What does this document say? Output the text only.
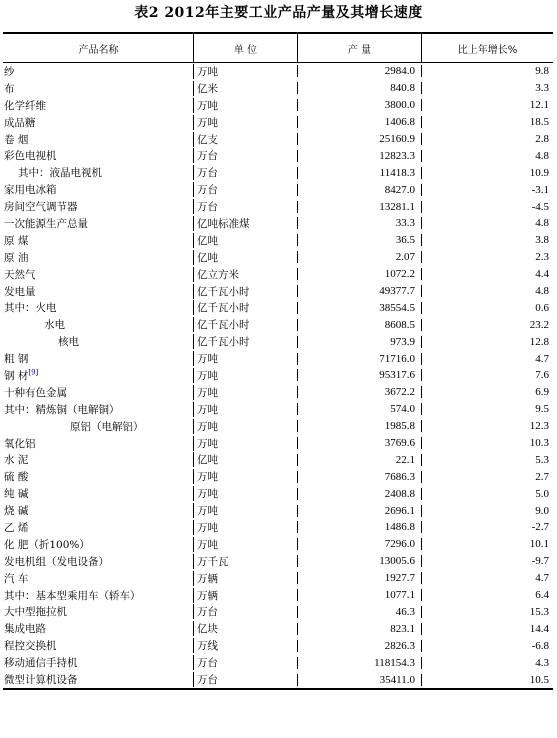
表2 2012年主要工业产品产量及其增长速度
产品名称	单 位	产 量	比上年增长%
纱	万吨	2984.0	9.8
布	亿米	840.8	3.3
化学纤维	万吨	3800.0	12.1
成品糖	万吨	1406.8	18.5
卷 烟	亿支	25160.9	2.8
彩色电视机	万台	12823.3	4.8
其中：液晶电视机	万台	11418.3	10.9
家用电冰箱	万台	8427.0	-3.1
房间空气调节器	万台	13281.1	-4.5
一次能源生产总量	亿吨标准煤	33.3	4.8
原 煤	亿吨	36.5	3.8
原 油	亿吨	2.07	2.3
天然气	亿立方米	1072.2	4.4
发电量	亿千瓦小时	49377.7	4.8
其中：火电	亿千瓦小时	38554.5	0.6
水电	亿千瓦小时	8608.5	23.2
核电	亿千瓦小时	973.9	12.8
粗 钢	万吨	71716.0	4.7
钢 材[9]	万吨	95317.6	7.6
十种有色金属	万吨	3672.2	6.9
其中：精炼铜（电解铜）	万吨	574.0	9.5
原铝（电解铝）	万吨	1985.8	12.3
氧化铝	万吨	3769.6	10.3
水 泥	亿吨	22.1	5.3
硫 酸	万吨	7686.3	2.7
纯 碱	万吨	2408.8	5.0
烧 碱	万吨	2696.1	9.0
乙 烯	万吨	1486.8	-2.7
化 肥（折100%）	万吨	7296.0	10.1
发电机组（发电设备）	万千瓦	13005.6	-9.7
汽 车	万辆	1927.7	4.7
其中：基本型乘用车（轿车）	万辆	1077.1	6.4
大中型拖拉机	万台	46.3	15.3
集成电路	亿块	823.1	14.4
程控交换机	万线	2826.3	-6.8
移动通信手持机	万台	118154.3	4.3
微型计算机设备	万台	35411.0	10.5
